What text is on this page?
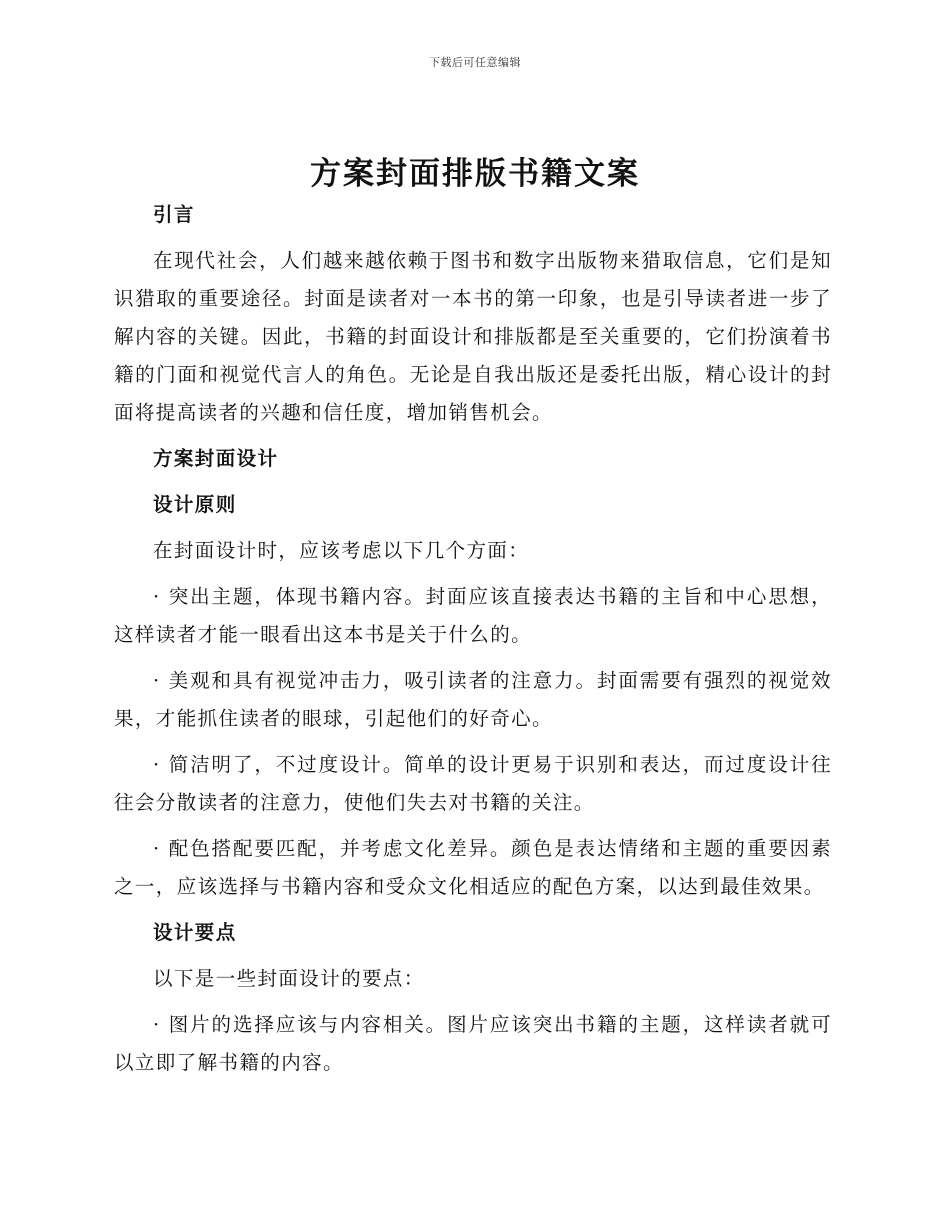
下载后可任意编辑
方案封面排版书籍文案
引言

在现代社会，人们越来越依赖于图书和数字出版物来猎取信息，它们是知识猎取的重要途径。封面是读者对一本书的第一印象，也是引导读者进一步了解内容的关键。因此，书籍的封面设计和排版都是至关重要的，它们扮演着书籍的门面和视觉代言人的角色。无论是自我出版还是委托出版，精心设计的封面将提高读者的兴趣和信任度，增加销售机会。

方案封面设计
设计原则

在封面设计时，应该考虑以下几个方面：

· 突出主题，体现书籍内容。封面应该直接表达书籍的主旨和中心思想，这样读者才能一眼看出这本书是关于什么的。

· 美观和具有视觉冲击力，吸引读者的注意力。封面需要有强烈的视觉效果，才能抓住读者的眼球，引起他们的好奇心。

· 简洁明了，不过度设计。简单的设计更易于识别和表达，而过度设计往往会分散读者的注意力，使他们失去对书籍的关注。

· 配色搭配要匹配，并考虑文化差异。颜色是表达情绪和主题的重要因素之一，应该选择与书籍内容和受众文化相适应的配色方案，以达到最佳效果。

设计要点

以下是一些封面设计的要点：

· 图片的选择应该与内容相关。图片应该突出书籍的主题，这样读者就可以立即了解书籍的内容。
